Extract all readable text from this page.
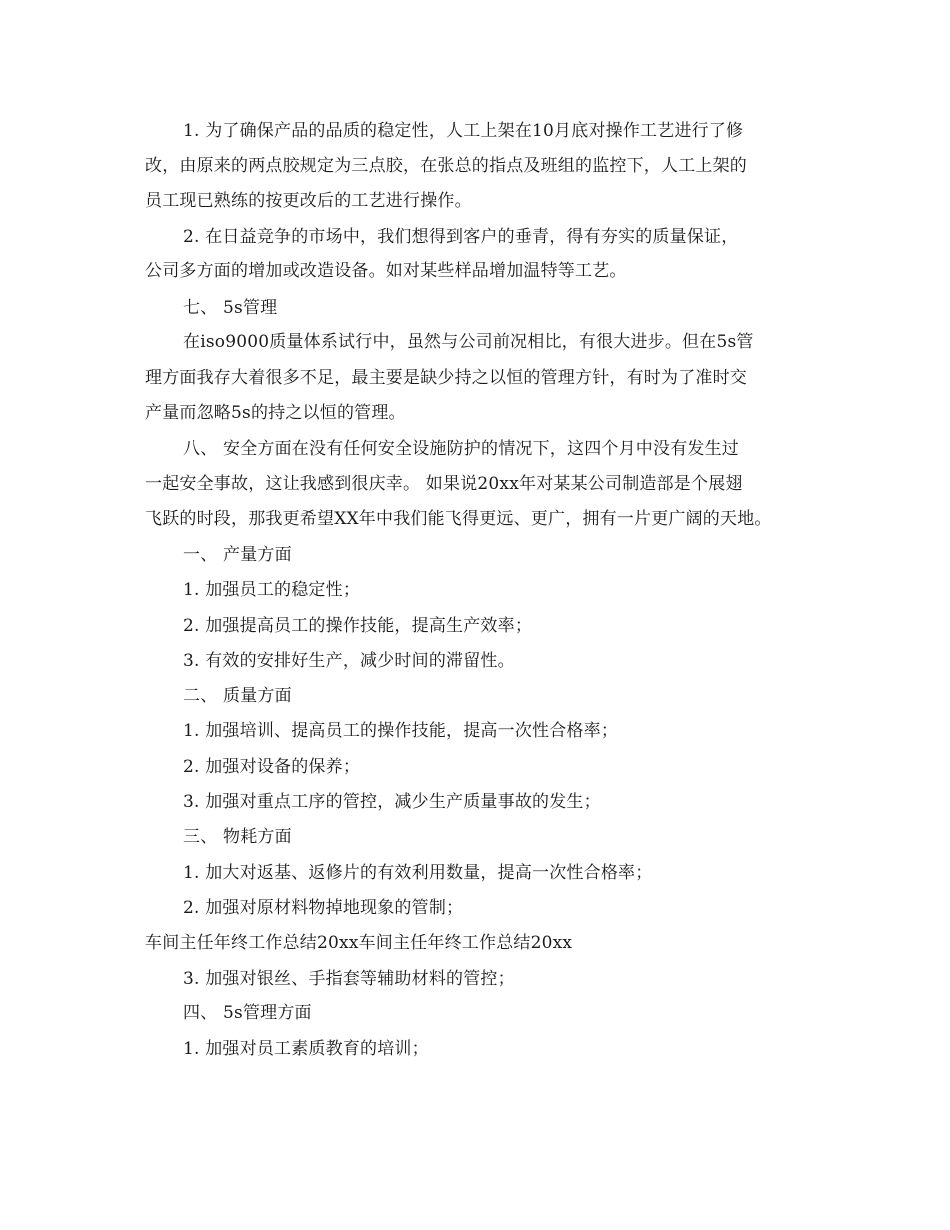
1. 为了确保产品的品质的稳定性，人工上架在10月底对操作工艺进行了修
改，由原来的两点胶规定为三点胶，在张总的指点及班组的监控下，人工上架的
员工现已熟练的按更改后的工艺进行操作。
2. 在日益竞争的市场中，我们想得到客户的垂青，得有夯实的质量保证，
公司多方面的增加或改造设备。如对某些样品增加温特等工艺。
七、 5s管理
在iso9000质量体系试行中，虽然与公司前况相比，有很大进步。但在5s管
理方面我存大着很多不足，最主要是缺少持之以恒的管理方针，有时为了准时交
产量而忽略5s的持之以恒的管理。
八、 安全方面在没有任何安全设施防护的情况下，这四个月中没有发生过
一起安全事故，这让我感到很庆幸。 如果说20xx年对某某公司制造部是个展翅
飞跃的时段，那我更希望XX年中我们能飞得更远、更广，拥有一片更广阔的天地。
一、 产量方面
1. 加强员工的稳定性；
2. 加强提高员工的操作技能，提高生产效率；
3. 有效的安排好生产，减少时间的滞留性。
二、 质量方面
1. 加强培训、提高员工的操作技能，提高一次性合格率；
2. 加强对设备的保养；
3. 加强对重点工序的管控，减少生产质量事故的发生；
三、 物耗方面
1. 加大对返基、返修片的有效利用数量，提高一次性合格率；
2. 加强对原材料物掉地现象的管制；
车间主任年终工作总结20xx车间主任年终工作总结20xx
3. 加强对银丝、手指套等辅助材料的管控；
四、 5s管理方面
1. 加强对员工素质教育的培训；
